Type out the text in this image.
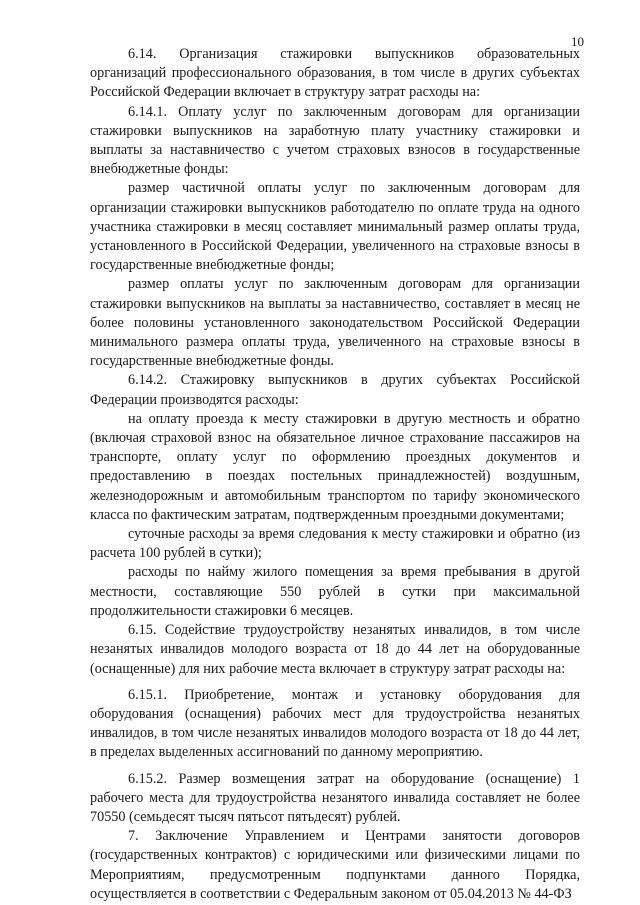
10

6.14. Организация стажировки выпускников образовательных организаций профессионального образования, в том числе в других субъектах Российской Федерации включает в структуру затрат расходы на:

6.14.1. Оплату услуг по заключенным договорам для организации стажировки выпускников на заработную плату участнику стажировки и выплаты за наставничество с учетом страховых взносов в государственные внебюджетные фонды:

размер частичной оплаты услуг по заключенным договорам для организации стажировки выпускников работодателю по оплате труда на одного участника стажировки в месяц составляет минимальный размер оплаты труда, установленного в Российской Федерации, увеличенного на страховые взносы в государственные внебюджетные фонды;

размер оплаты услуг по заключенным договорам для организации стажировки выпускников на выплаты за наставничество, составляет в месяц не более половины установленного законодательством Российской Федерации минимального размера оплаты труда, увеличенного на страховые взносы в государственные внебюджетные фонды.

6.14.2. Стажировку выпускников в других субъектах Российской Федерации производятся расходы:

на оплату проезда к месту стажировки в другую местность и обратно (включая страховой взнос на обязательное личное страхование пассажиров на транспорте, оплату услуг по оформлению проездных документов и предоставлению в поездах постельных принадлежностей) воздушным, железнодорожным и автомобильным транспортом по тарифу экономического класса по фактическим затратам, подтвержденным проездными документами;

суточные расходы за время следования к месту стажировки и обратно (из расчета 100 рублей в сутки);

расходы по найму жилого помещения за время пребывания в другой местности, составляющие 550 рублей в сутки при максимальной продолжительности стажировки 6 месяцев.

6.15. Содействие трудоустройству незанятых инвалидов, в том числе незанятых инвалидов молодого возраста от 18 до 44 лет на оборудованные (оснащенные) для них рабочие места включает в структуру затрат расходы на:

6.15.1. Приобретение, монтаж и установку оборудования для оборудования (оснащения) рабочих мест для трудоустройства незанятых инвалидов, в том числе незанятых инвалидов молодого возраста от 18 до 44 лет, в пределах выделенных ассигнований по данному мероприятию.

6.15.2. Размер возмещения затрат на оборудование (оснащение) 1 рабочего места для трудоустройства незанятого инвалида составляет не более 70550 (семьдесят тысяч пятьсот пятьдесят) рублей.

7. Заключение Управлением и Центрами занятости договоров (государственных контрактов) с юридическими или физическими лицами по Мероприятиям, предусмотренным подпунктами данного Порядка, осуществляется в соответствии с Федеральным законом от 05.04.2013 № 44-ФЗ
